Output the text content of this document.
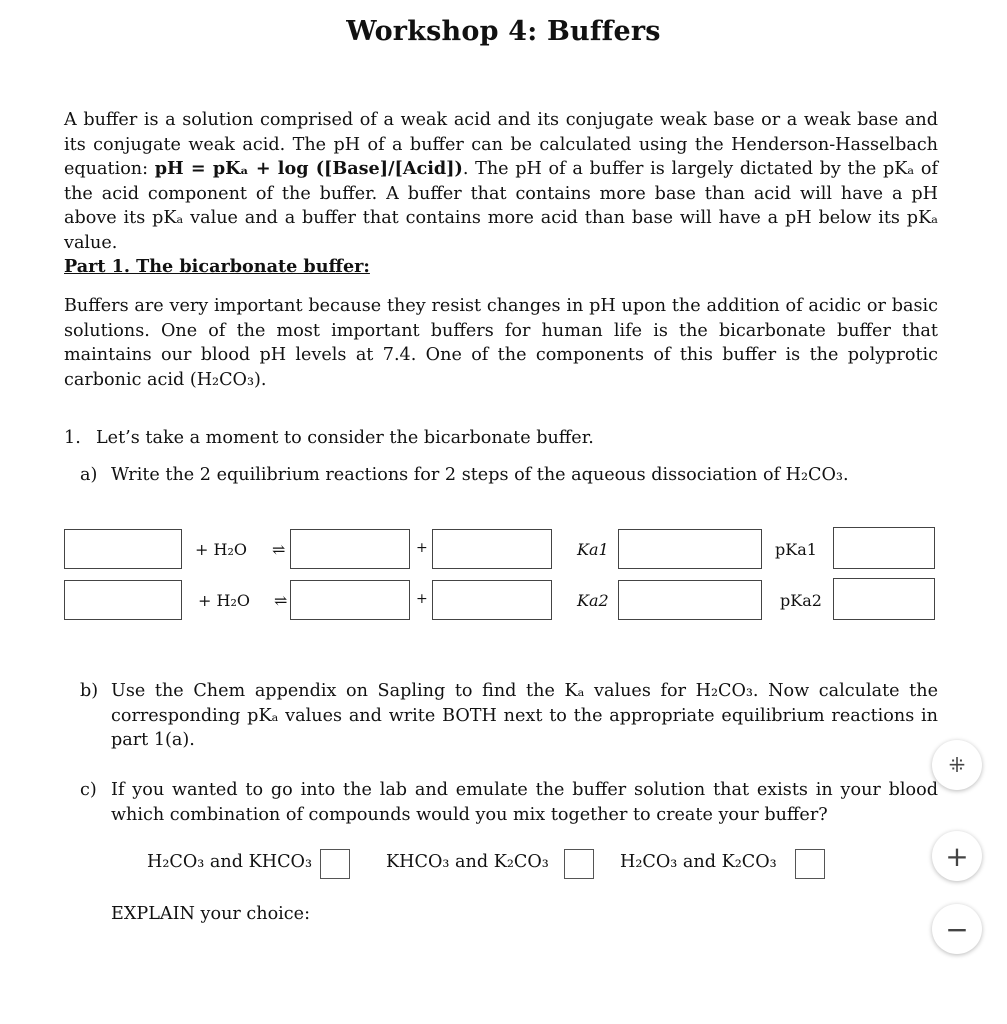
Workshop 4: Buffers
A buffer is a solution comprised of a weak acid and its conjugate weak base or a weak base and its conjugate weak acid. The pH of a buffer can be calculated using the Henderson-Hasselbach equation: pH = pKₐ + log ([Base]/[Acid]). The pH of a buffer is largely dictated by the pKₐ of the acid component of the buffer. A buffer that contains more base than acid will have a pH above its pKₐ value and a buffer that contains more acid than base will have a pH below its pKₐ value.
Part 1. The bicarbonate buffer:
Buffers are very important because they resist changes in pH upon the addition of acidic or basic solutions. One of the most important buffers for human life is the bicarbonate buffer that maintains our blood pH levels at 7.4. One of the components of this buffer is the polyprotic carbonic acid (H₂CO₃).
1. Let’s take a moment to consider the bicarbonate buffer.
a) Write the 2 equilibrium reactions for 2 steps of the aqueous dissociation of H₂CO₃.
+ H₂O ⇌	+	Ka1	pKa1
+ H₂O ⇌	+	Ka2	pKa2
b) Use the Chem appendix on Sapling to find the Kₐ values for H₂CO₃. Now calculate the corresponding pKₐ values and write BOTH next to the appropriate equilibrium reactions in part 1(a).
c) If you wanted to go into the lab and emulate the buffer solution that exists in your blood which combination of compounds would you mix together to create your buffer?
H₂CO₃ and KHCO₃	KHCO₃ and K₂CO₃	H₂CO₃ and K₂CO₃
EXPLAIN your choice:
⁜
+
−
